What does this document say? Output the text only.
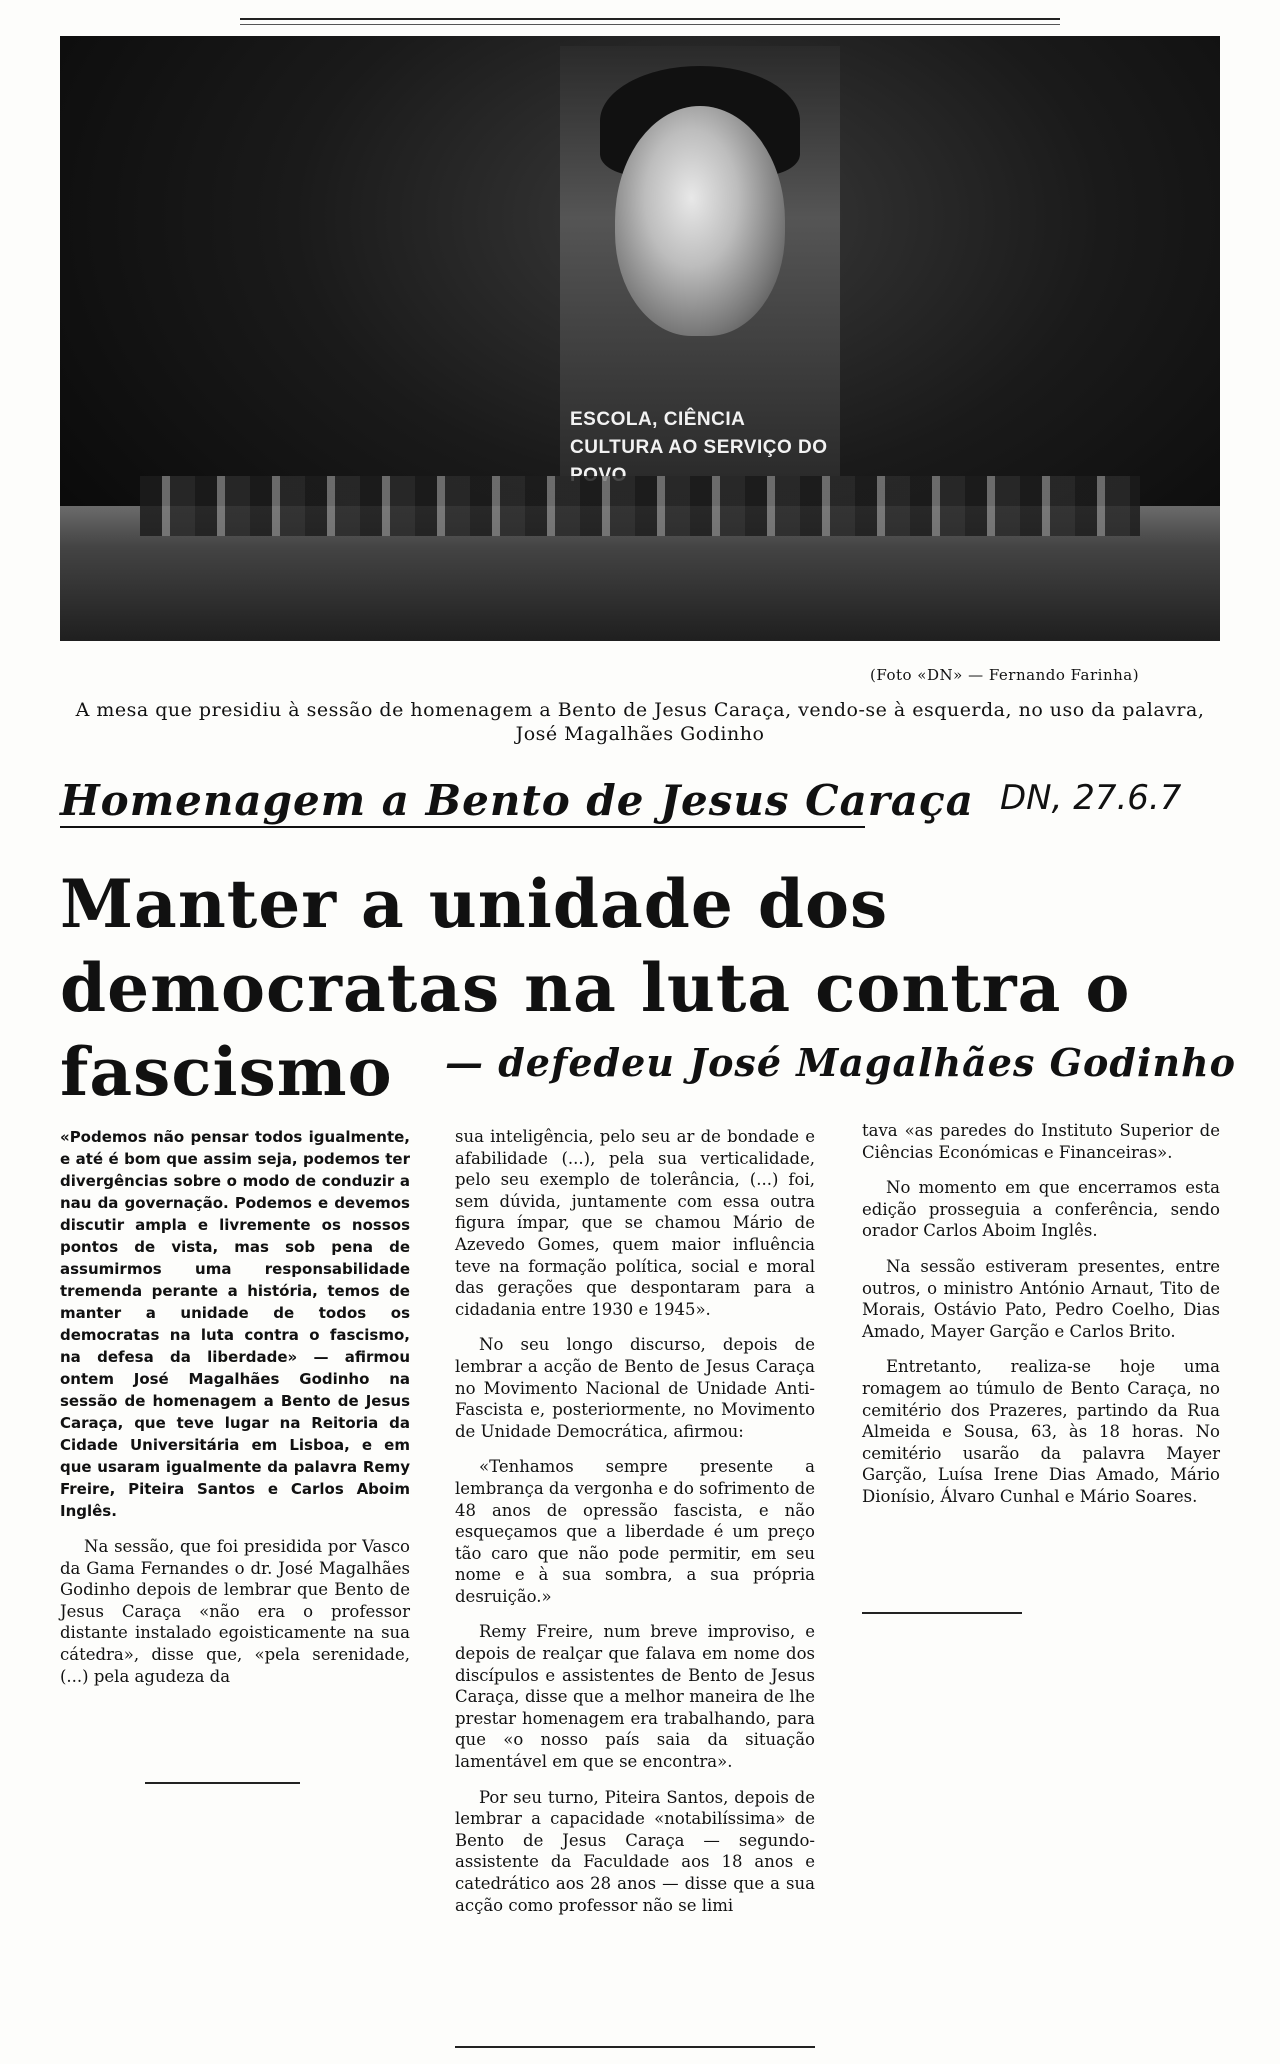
ESCOLA, CIÊNCIA
CULTURA AO SERVIÇO DO
(Foto «DN» — Fernando Farinha)
A mesa que presidiu à sessão de homenagem a Bento de Jesus Caraça, vendo-se à esquerda, no uso da palavra, José Magalhães Godinho
Homenagem a Bento de Jesus Caraça DN, 27.6.7
Manter a unidade dos democratas na luta contra o fascismo	— defedeu José Magalhães Godinho

«Podemos não pensar todos igualmente, e até é bom que assim seja, podemos ter divergências sobre o modo de conduzir a nau da governação. Podemos e devemos discutir ampla e livremente os nossos pontos de vista, mas sob pena de assumirmos uma responsabilidade tremenda perante a história, temos de manter a unidade de todos os democratas na luta contra o fascismo, na defesa da liberdade» — afirmou ontem José Magalhães Godinho na sessão de homenagem a Bento de Jesus Caraça, que teve lugar na Reitoria da Cidade Universitária em Lisboa, e em que usaram igualmente da palavra Remy Freire, Piteira Santos e Carlos Aboim Inglês.

Na sessão, que foi presidida por Vasco da Gama Fernandes o dr. José Magalhães Godinho depois de lembrar que Bento de Jesus Caraça «não era o professor distante instalado egoisticamente na sua cátedra», disse que, «pela serenidade, (...) pela agudeza da

sua inteligência, pelo seu ar de bondade e afabilidade (...), pela sua verticalidade, pelo seu exemplo de tolerância, (...) foi, sem dúvida, juntamente com essa outra figura ímpar, que se chamou Mário de Azevedo Gomes, quem maior influência teve na formação política, social e moral das gerações que despontaram para a cidadania entre 1930 e 1945».

No seu longo discurso, depois de lembrar a acção de Bento de Jesus Caraça no Movimento Nacional de Unidade Anti-Fascista e, posteriormente, no Movimento de Unidade Democrática, afirmou:

«Tenhamos sempre presente a lembrança da vergonha e do sofrimento de 48 anos de opressão fascista, e não esqueçamos que a liberdade é um preço tão caro que não pode permitir, em seu nome e à sua sombra, a sua própria desruição.»

Remy Freire, num breve improviso, e depois de realçar que falava em nome dos discípulos e assistentes de Bento de Jesus Caraça, disse que a melhor maneira de lhe prestar homenagem era trabalhando, para que «o nosso país saia da situação lamentável em que se encontra».

Por seu turno, Piteira Santos, depois de lembrar a capacidade «notabilíssima» de Bento de Jesus Caraça — segundo-assistente da Faculdade aos 18 anos e catedrático aos 28 anos — disse que a sua acção como professor não se limi

tava «as paredes do Instituto Superior de Ciências Económicas e Financeiras».

No momento em que encerramos esta edição prosseguia a conferência, sendo orador Carlos Aboim Inglês.

Na sessão estiveram presentes, entre outros, o ministro António Arnaut, Tito de Morais, Ostávio Pato, Pedro Coelho, Dias Amado, Mayer Garção e Carlos Brito.

Entretanto, realiza-se hoje uma romagem ao túmulo de Bento Caraça, no cemitério dos Prazeres, partindo da Rua Almeida e Sousa, 63, às 18 horas. No cemitério usarão da palavra Mayer Garção, Luísa Irene Dias Amado, Mário Dionísio, Álvaro Cunhal e Mário Soares.
